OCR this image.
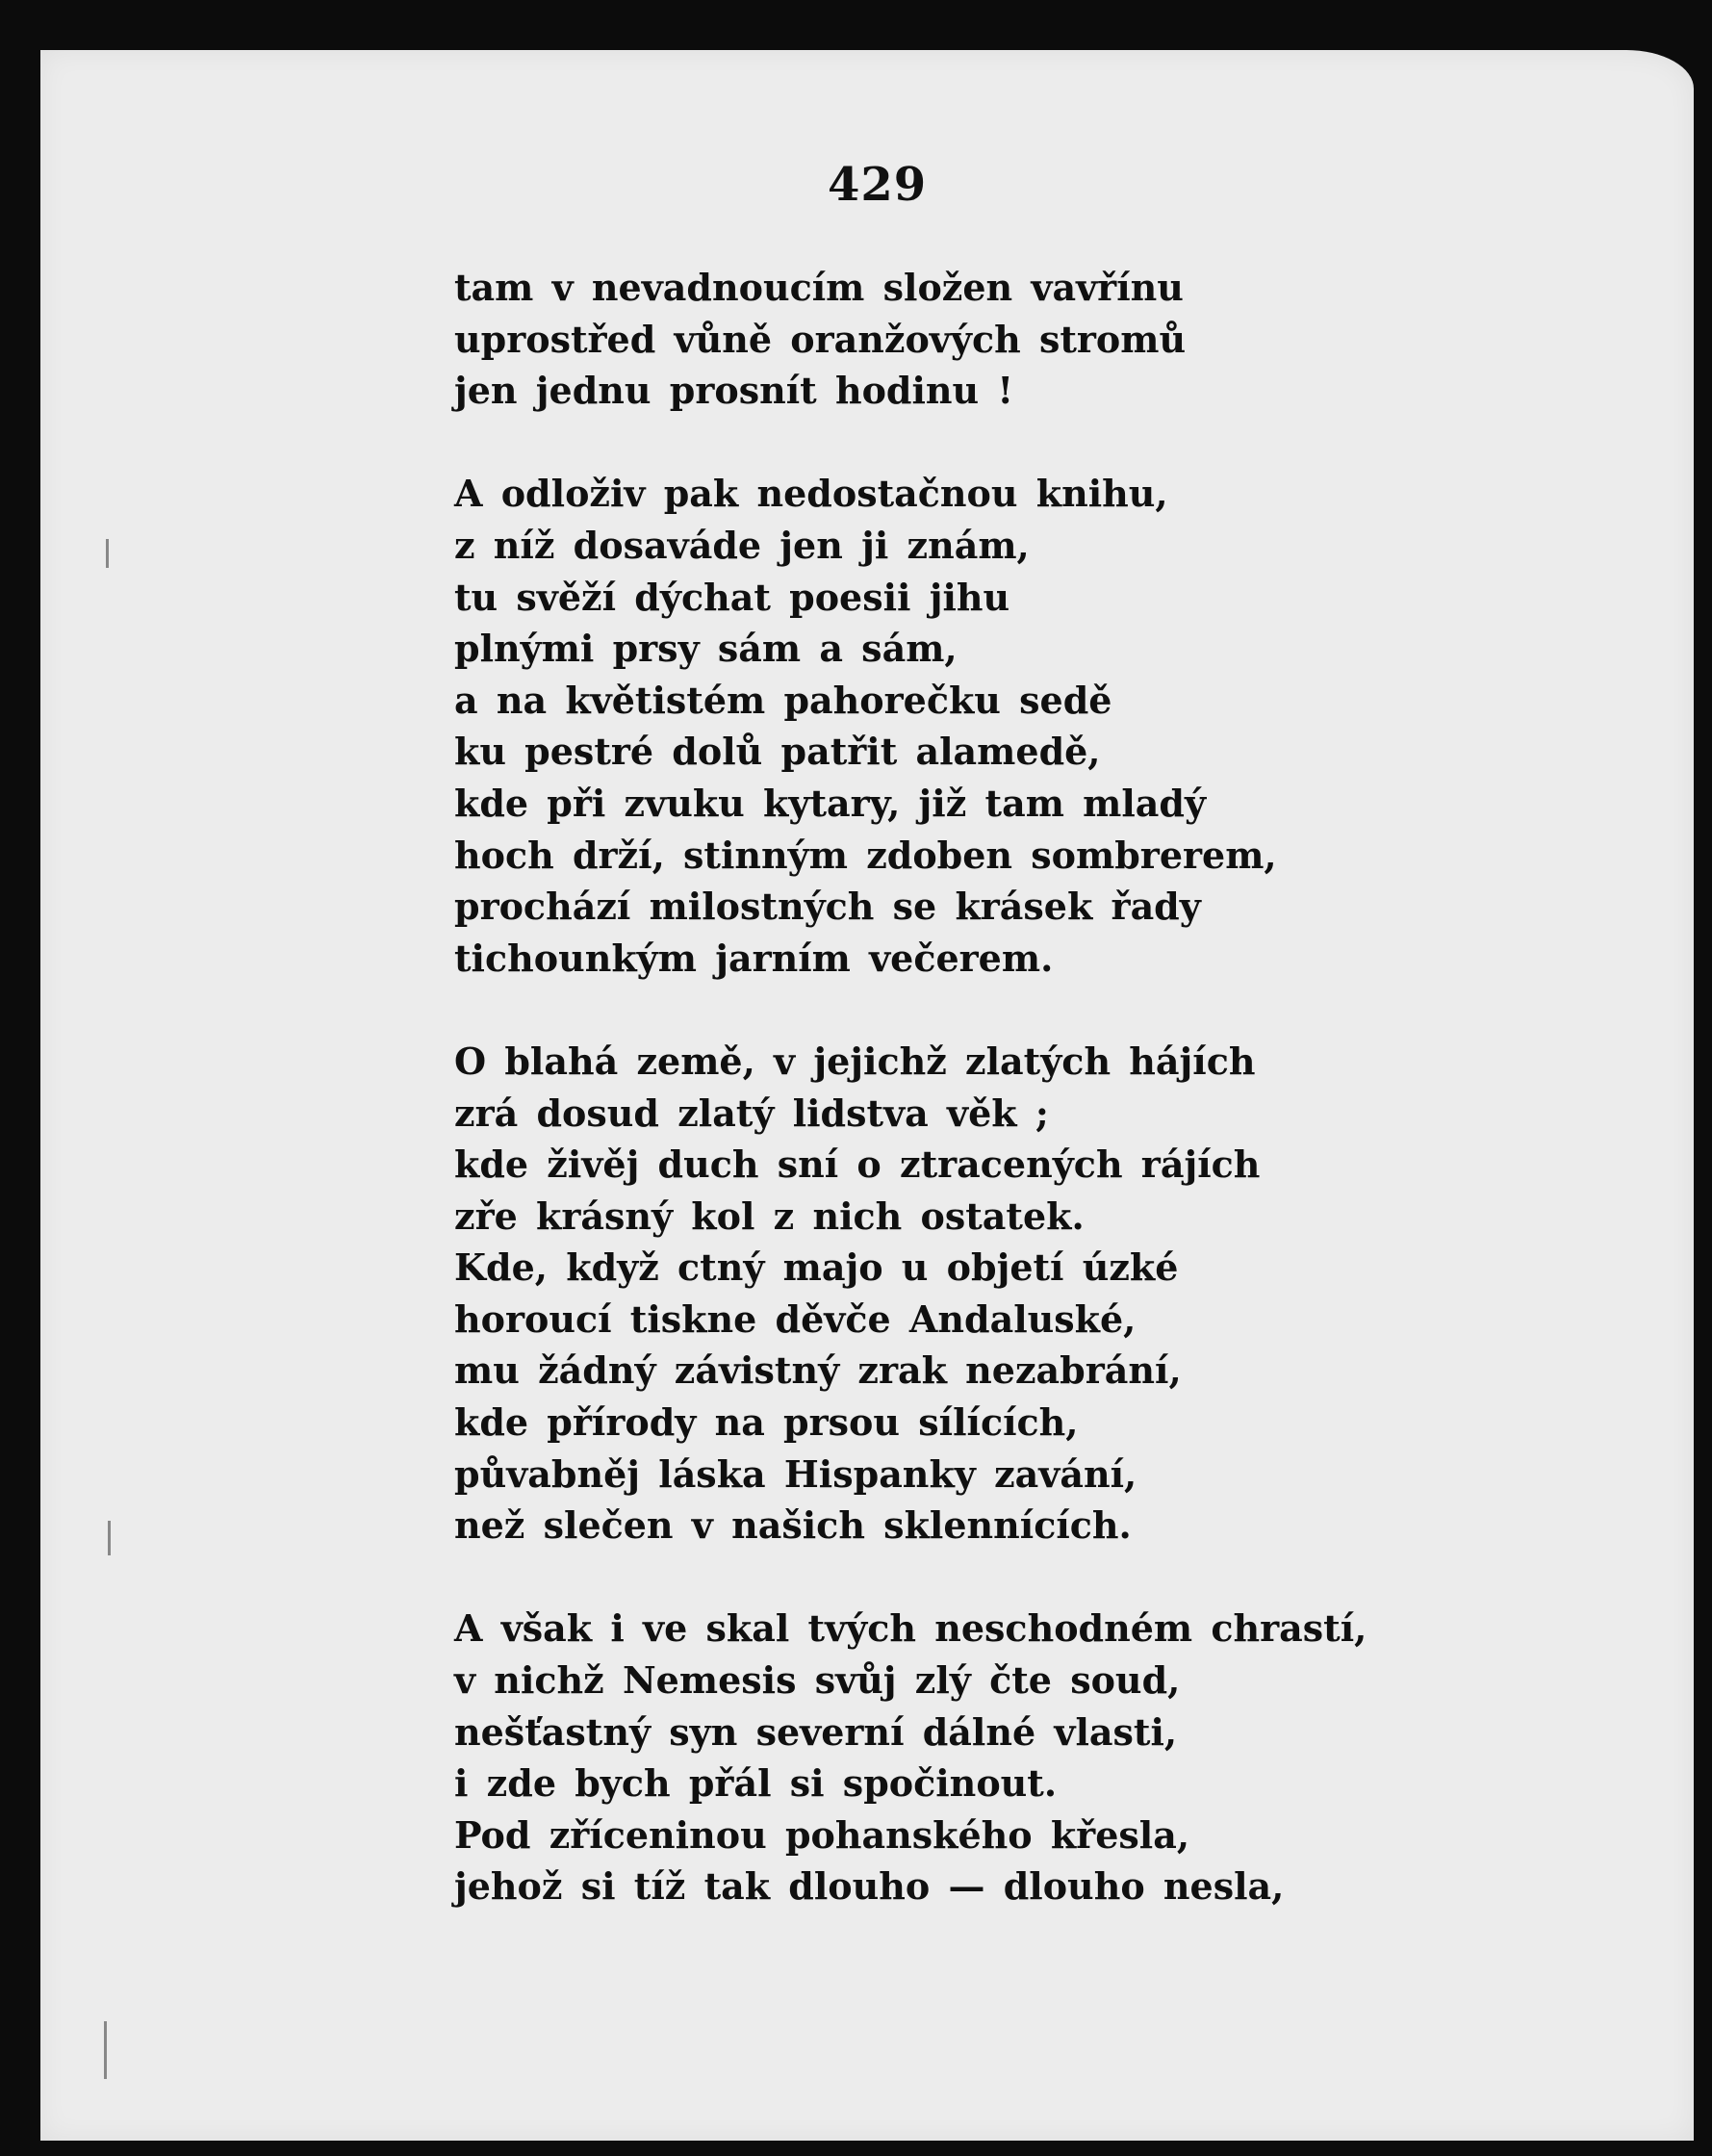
429
tam v nevadnoucím složen vavřínu
uprostřed vůně oranžových stromů
jen jednu prosnít hodinu !
A odloživ pak nedostačnou knihu,
z níž dosaváde jen ji znám,
tu svěží dýchat poesii jihu
plnými prsy sám a sám,
a na květistém pahorečku sedě
ku pestré dolů patřit alamedě,
kde při zvuku kytary, již tam mladý
hoch drží, stinným zdoben sombrerem,
prochází milostných se krásek řady
tichounkým jarním večerem.
O blahá země, v jejichž zlatých hájích
zrá dosud zlatý lidstva věk ;
kde živěj duch sní o ztracených rájích
zře krásný kol z nich ostatek.
Kde, když ctný majo u objetí úzké
horoucí tiskne děvče Andaluské,
mu žádný závistný zrak nezabrání,
kde přírody na prsou sílících,
půvabněj láska Hispanky zavání,
než slečen v našich sklennících.
A však i ve skal tvých neschodném chrastí,
v nichž Nemesis svůj zlý čte soud,
nešťastný syn severní dálné vlasti,
i zde bych přál si spočinout.
Pod zříceninou pohanského křesla,
jehož si tíž tak dlouho — dlouho nesla,
